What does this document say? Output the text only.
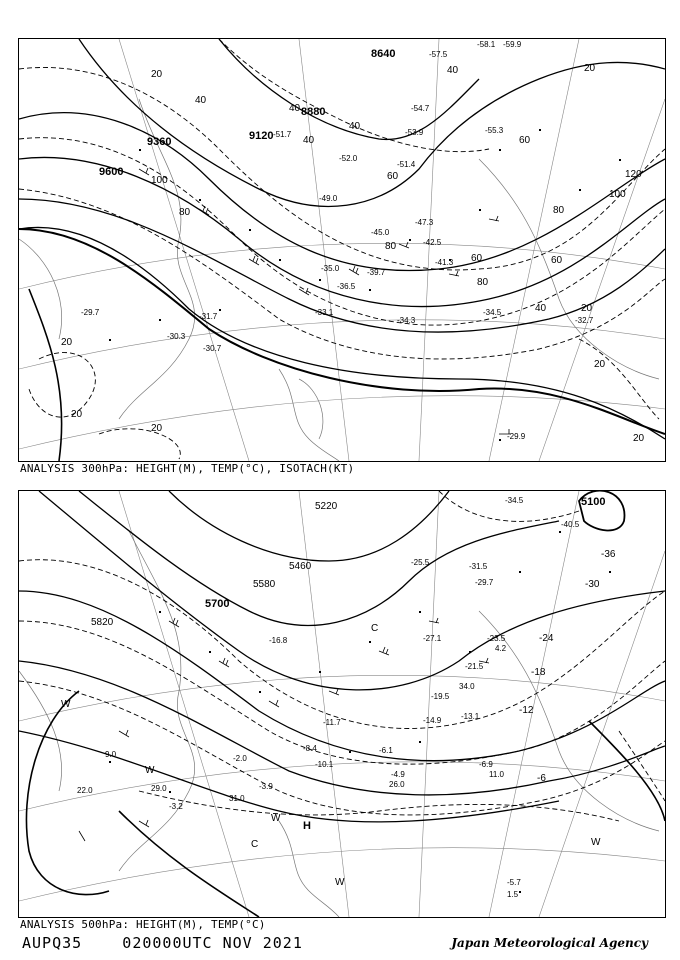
8640
8880
9120
9360
9600
20
20
20
20
20
20
20
20
40
40
40
40
40
40
60
60
60	60
80	80
80
80
100
100
120
-59.9
-57.5
-58.1
-55.3
-54.7
-53.9
-51.7
-52.0
-51.4
-49.0
-47.3
-45.0
-42.5
-41.3
-39.7
-36.5
-35.0
-34.5
-34.3
-33.1
-32.7
-31.7
-30.7
-29.9
-29.7
-30.3
ANALYSIS 300hPa: HEIGHT(M), TEMP(°C), ISOTACH(KT)
5100
5220
5460
5580
5700
5820
-36
-30
-24
-18
-12
-6
C
C
W
W
W
W
W
H
-40.5
-34.5
-31.5
-29.7
-27.1
-25.5
-23.5
-21.5
-19.5
-16.8
-14.9 -13.1
-11.7
-10.1
-8.4
-6.9
-6.1
-5.7
-4.9
-3.9
-3.2
-2.0
1.5
4.2
9.0
11.0
22.0
26.0
29.0
31.0
34.0
ANALYSIS 500hPa: HEIGHT(M), TEMP(°C)
AUPQ35    020000UTC NOV 2021	Japan Meteorological Agency
